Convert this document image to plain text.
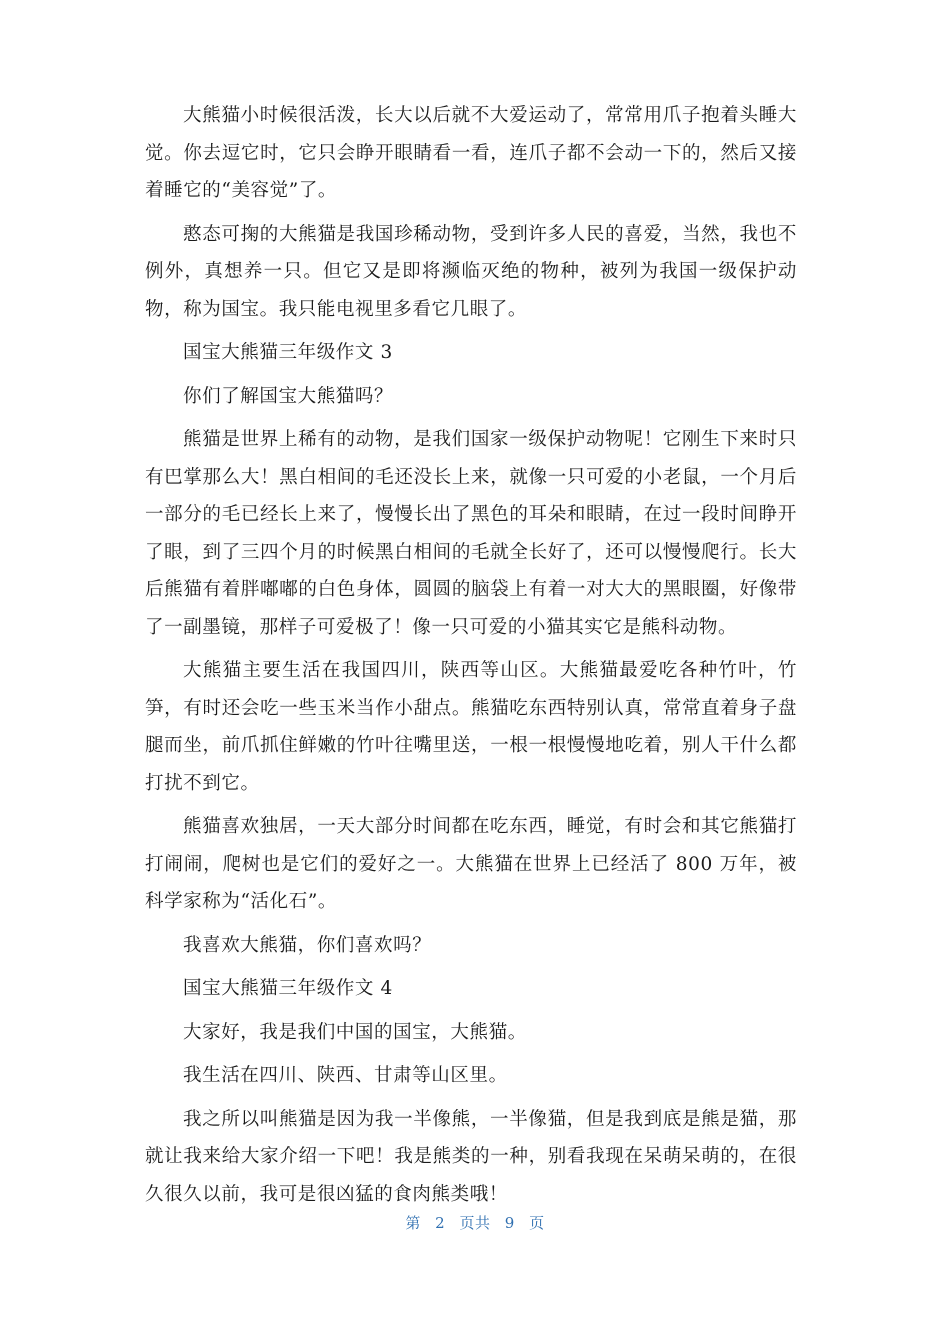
大熊猫小时候很活泼，长大以后就不大爱运动了，常常用爪子抱着头睡大觉。你去逗它时，它只会睁开眼睛看一看，连爪子都不会动一下的，然后又接着睡它的“美容觉”了。

憨态可掬的大熊猫是我国珍稀动物，受到许多人民的喜爱，当然，我也不例外，真想养一只。但它又是即将濒临灭绝的物种，被列为我国一级保护动物，称为国宝。我只能电视里多看它几眼了。

国宝大熊猫三年级作文 3

你们了解国宝大熊猫吗？

熊猫是世界上稀有的动物，是我们国家一级保护动物呢！它刚生下来时只有巴掌那么大！黑白相间的毛还没长上来，就像一只可爱的小老鼠，一个月后一部分的毛已经长上来了，慢慢长出了黑色的耳朵和眼睛，在过一段时间睁开了眼，到了三四个月的时候黑白相间的毛就全长好了，还可以慢慢爬行。长大后熊猫有着胖嘟嘟的白色身体，圆圆的脑袋上有着一对大大的黑眼圈，好像带了一副墨镜，那样子可爱极了！像一只可爱的小猫其实它是熊科动物。

大熊猫主要生活在我国四川，陕西等山区。大熊猫最爱吃各种竹叶，竹笋，有时还会吃一些玉米当作小甜点。熊猫吃东西特别认真，常常直着身子盘腿而坐，前爪抓住鲜嫩的竹叶往嘴里送，一根一根慢慢地吃着，别人干什么都打扰不到它。

熊猫喜欢独居，一天大部分时间都在吃东西，睡觉，有时会和其它熊猫打打闹闹，爬树也是它们的爱好之一。大熊猫在世界上已经活了 800 万年，被科学家称为“活化石”。

我喜欢大熊猫，你们喜欢吗？

国宝大熊猫三年级作文 4

大家好，我是我们中国的国宝，大熊猫。

我生活在四川、陕西、甘肃等山区里。

我之所以叫熊猫是因为我一半像熊，一半像猫，但是我到底是熊是猫，那就让我来给大家介绍一下吧！我是熊类的一种，别看我现在呆萌呆萌的，在很久很久以前，我可是很凶猛的食肉熊类哦！

第 2 页共 9 页
